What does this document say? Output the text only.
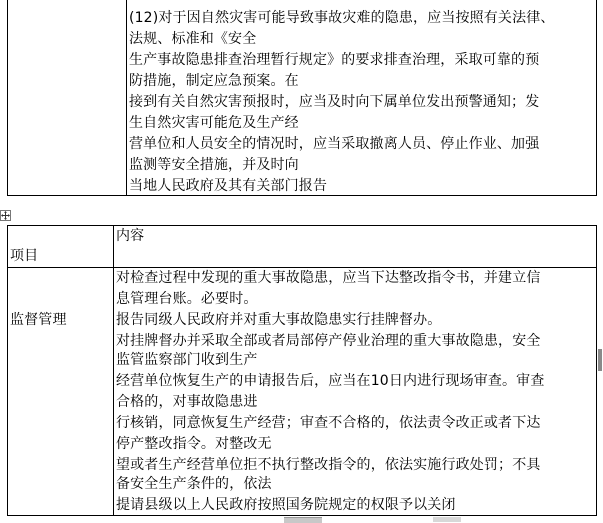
(12)对于因自然灾害可能导致事故灾难的隐患，应当按照有关法律、
法规、标准和《安全
生产事故隐患排查治理暂行规定》的要求排查治理，采取可靠的预
防措施，制定应急预案。在
接到有关自然灾害预报时，应当及时向下属单位发出预警通知；发
生自然灾害可能危及生产经
营单位和人员安全的情况时，应当采取撤离人员、停止作业、加强
监测等安全措施，并及时向
当地人民政府及其有关部门报告
项目
内容
监督管理
对检查过程中发现的重大事故隐患，应当下达整改指令书，并建立信
息管理台账。必要时。
报告同级人民政府并对重大事故隐患实行挂牌督办。
对挂牌督办并采取全部或者局部停产停业治理的重大事故隐患，安全
监管监察部门收到生产
经营单位恢复生产的申请报告后，应当在10日内进行现场审查。审查
合格的，对事故隐患进
行核销，同意恢复生产经营；审查不合格的，依法责令改正或者下达
停产整改指令。对整改无
望或者生产经营单位拒不执行整改指令的，依法实施行政处罚；不具
备安全生产条件的，依法
提请县级以上人民政府按照国务院规定的权限予以关闭
